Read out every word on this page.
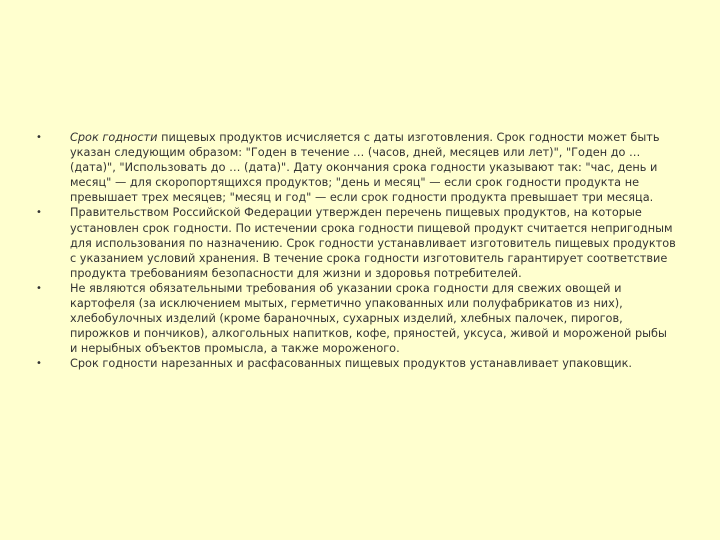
•	Срок годности пищевых продуктов исчисляется с даты изготовления. Срок годности может быть указан следующим образом: "Годен в течение … (часов, дней, месяцев или лет)", "Годен до … (дата)", "Использовать до … (дата)". Дату окончания срока годности указывают так: "час, день и месяц" — для скоропортящихся продуктов; "день и месяц" — если срок годности продукта не превышает трех месяцев; "месяц и год" — если срок годности продукта превышает три месяца.
•	Правительством Российской Федерации утвержден перечень пищевых продуктов, на которые установлен срок годности. По истечении срока годности пищевой продукт считается непригодным для использования по назначению. Срок годности устанавливает изготовитель пищевых продуктов с указанием условий хранения. В течение срока годности изготовитель гарантирует соответствие продукта требованиям безопасности для жизни и здоровья потребителей.
•	Не являются обязательными требования об указании срока годности для свежих овощей и картофеля (за исключением мытых, герметично упакованных или полуфабрикатов из них), хлебобулочных изделий (кроме бараночных, сухарных изделий, хлебных палочек, пирогов, пирожков и пончиков), алкогольных напитков, кофе, пряностей, уксуса, живой и мороженой рыбы и нерыбных объектов промысла, а также мороженого.
•	Срок годности нарезанных и расфасованных пищевых продуктов устанавливает упаковщик.
